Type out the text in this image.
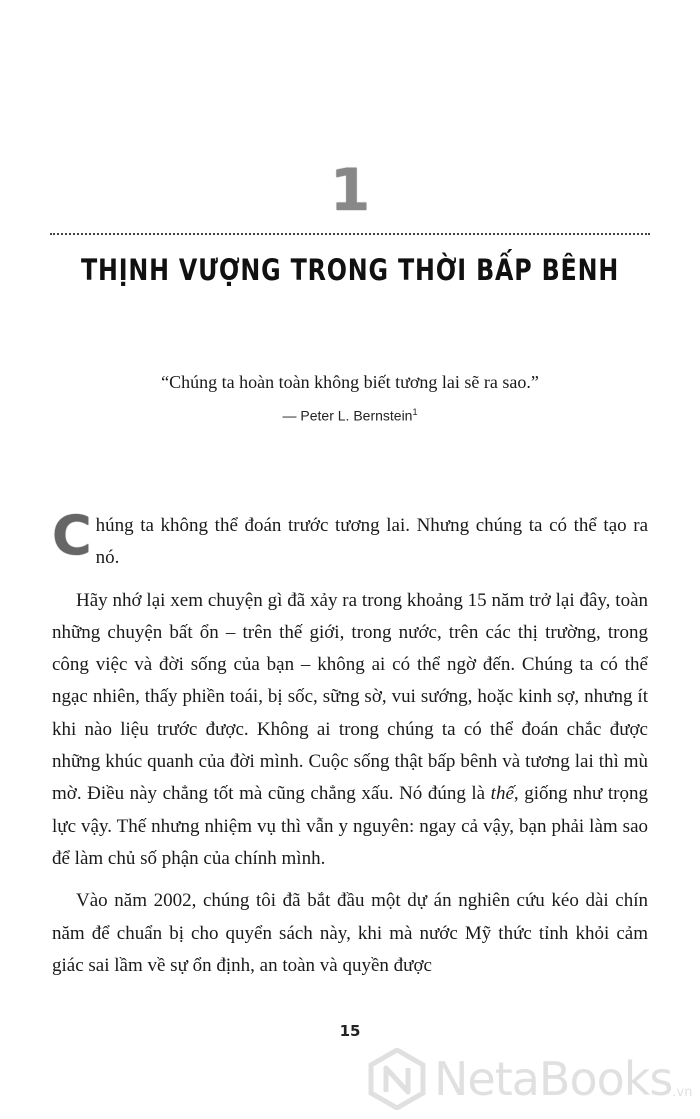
1
THỊNH VƯỢNG TRONG THỜI BẤP BÊNH
“Chúng ta hoàn toàn không biết tương lai sẽ ra sao.”
— Peter L. Bernstein$^1$

Chúng ta không thể đoán trước tương lai. Nhưng chúng ta có thể tạo ra nó.

Hãy nhớ lại xem chuyện gì đã xảy ra trong khoảng 15 năm trở lại đây, toàn những chuyện bất ổn – trên thế giới, trong nước, trên các thị trường, trong công việc và đời sống của bạn – không ai có thể ngờ đến. Chúng ta có thể ngạc nhiên, thấy phiền toái, bị sốc, sững sờ, vui sướng, hoặc kinh sợ, nhưng ít khi nào liệu trước được. Không ai trong chúng ta có thể đoán chắc được những khúc quanh của đời mình. Cuộc sống thật bấp bênh và tương lai thì mù mờ. Điều này chẳng tốt mà cũng chẳng xấu. Nó đúng là thế, giống như trọng lực vậy. Thế nhưng nhiệm vụ thì vẫn y nguyên: ngay cả vậy, bạn phải làm sao để làm chủ số phận của chính mình.

Vào năm 2002, chúng tôi đã bắt đầu một dự án nghiên cứu kéo dài chín năm để chuẩn bị cho quyển sách này, khi mà nước Mỹ thức tỉnh khỏi cảm giác sai lầm về sự ổn định, an toàn và quyền được

15
NetaBooks .vn
